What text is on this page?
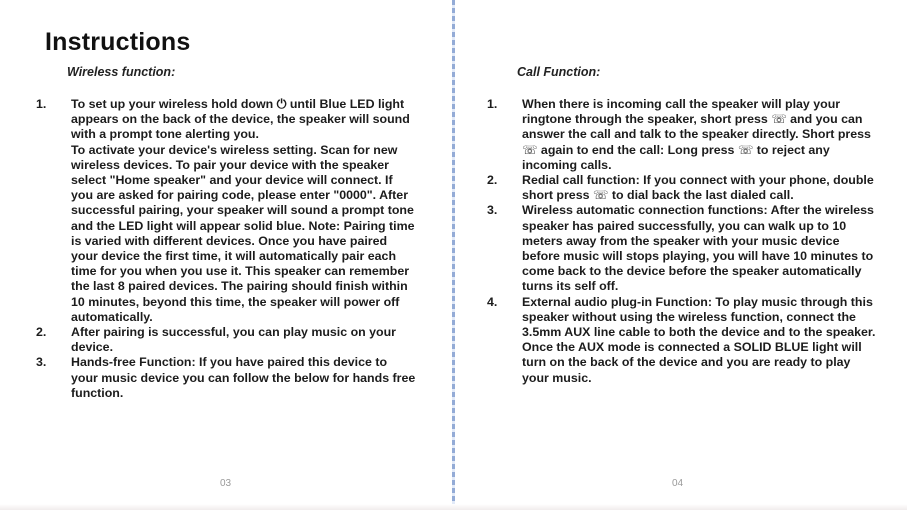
Instructions
Wireless function:
1.	To set up your wireless hold down ⏻ until Blue LED light appears on the back of the device, the speaker will sound with a prompt tone alerting you.
To activate your device's wireless setting. Scan for new wireless devices. To pair your device with the speaker select "Home speaker" and your device will connect. If you are asked for pairing code, please enter "0000". After successful pairing, your speaker will sound a prompt tone and the LED light will appear solid blue. Note: Pairing time is varied with different devices. Once you have paired your device the first time, it will automatically pair each time for you when you use it. This speaker can remember the last 8 paired devices. The pairing should finish within 10 minutes, beyond this time, the speaker will power off automatically.
2.	After pairing is successful, you can play music on your device.
3.	Hands-free Function: If you have paired this device to your music device you can follow the below for hands free function.
03
Call Function:
1.	When there is incoming call the speaker will play your ringtone through the speaker, short press ☏ and you can answer the call and talk to the speaker directly. Short press ☏ again to end the call: Long press ☏ to reject any incoming calls.
2.	Redial call function: If you connect with your phone, double short press ☏ to dial back the last dialed call.
3.	Wireless automatic connection functions: After the wireless speaker has paired successfully, you can walk up to 10 meters away from the speaker with your music device before music will stops playing, you will have 10 minutes to come back to the device before the speaker automatically turns its self off.
4.	External audio plug-in Function: To play music through this speaker without using the wireless function, connect the 3.5mm AUX line cable to both the device and to the speaker. Once the AUX mode is connected a SOLID BLUE light will turn on the back of the device and you are ready to play your music.
04
